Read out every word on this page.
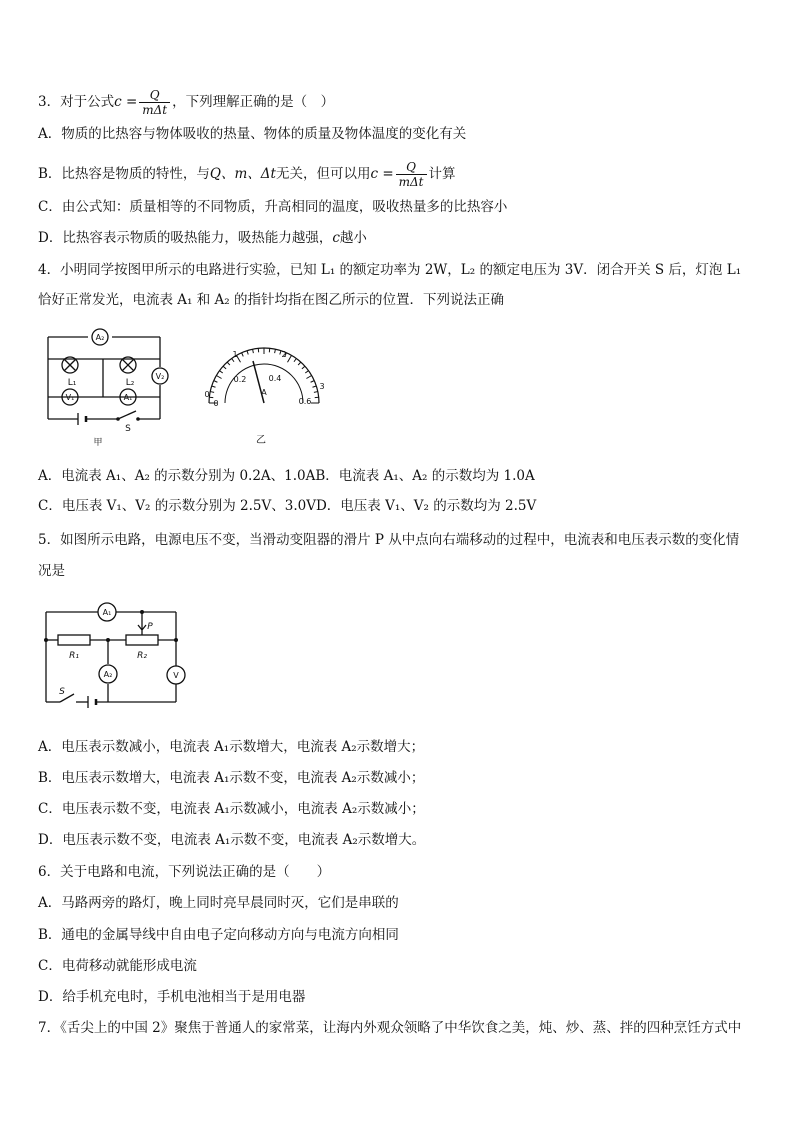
3．对于公式$c = \frac{Q}{\text{mΔt}}$ ，下列理解正确的是（　）
A．物质的比热容与物体吸收的热量、物体的质量及物体温度的变化有关
B．比热容是物质的特性，与Q、m、Δt无关，但可以用$c = \frac{Q}{\text{mΔt}}$ 计算
C．由公式知：质量相等的不同物质，升高相同的温度，吸收热量多的比热容小
D．比热容表示物质的吸热能力，吸热能力越强，c越小
4．小明同学按图甲所示的电路进行实验，已知 L₁ 的额定功率为 2W，L₂ 的额定电压为 3V．闭合开关 S 后，灯泡 L₁
恰好正常发光，电流表 A₁ 和 A₂ 的指针均指在图乙所示的位置．下列说法正确
A₂
V₂
V₁	A₁
L₁	L₂
S
甲
1	2
3
0.2	0.4
0.6
0
0
A
乙
A．电流表 A₁、A₂ 的示数分别为 0.2A、1.0AB．电流表 A₁、A₂ 的示数均为 1.0A
C．电压表 V₁、V₂ 的示数分别为 2.5V、3.0VD．电压表 V₁、V₂ 的示数均为 2.5V
5．如图所示电路，电源电压不变，当滑动变阻器的滑片 P 从中点向右端移动的过程中，电流表和电压表示数的变化情
况是
A₁
A₂	V
P
R₁	R₂
S
A．电压表示数减小，电流表 A₁示数增大，电流表 A₂示数增大；
B．电压表示数增大，电流表 A₁示数不变，电流表 A₂示数减小；
C．电压表示数不变，电流表 A₁示数减小，电流表 A₂示数减小；
D．电压表示数不变，电流表 A₁示数不变，电流表 A₂示数增大。
6．关于电路和电流，下列说法正确的是（　　）
A．马路两旁的路灯，晚上同时亮早晨同时灭，它们是串联的
B．通电的金属导线中自由电子定向移动方向与电流方向相同
C．电荷移动就能形成电流
D．给手机充电时，手机电池相当于是用电器
7．《舌尖上的中国 2》聚焦于普通人的家常菜，让海内外观众领略了中华饮食之美，炖、炒、蒸、拌的四种烹饪方式中
